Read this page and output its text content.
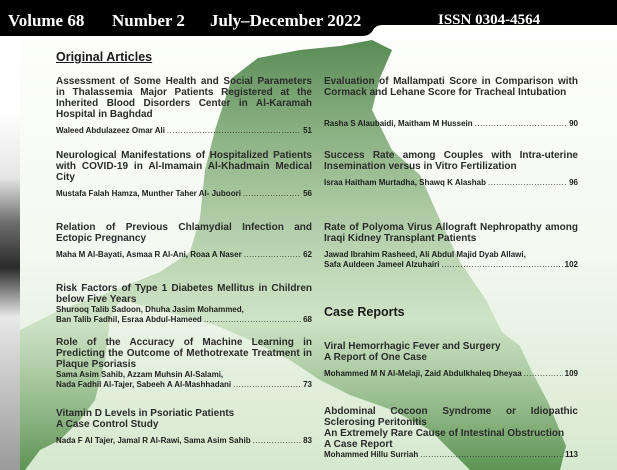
Volume 68 Number 2 July–December 2022	ISSN 0304-4564
Original Articles
Assessment of Some Health and Social Parameters in Thalassemia Major Patients Registered at the Inherited Blood Disorders Center in Al-Karamah Hospital in Baghdad
Waleed Abdulazeez Omar Ali .....	51
Neurological Manifestations of Hospitalized Patients with COVID-19 in Al-Imamain Al-Khadmain Medical City
Mustafa Falah Hamza, Munther Taher Al- Juboori .....	56
Relation of Previous Chlamydial Infection and Ectopic Pregnancy
Maha M Al-Bayati, Asmaa R Al-Ani, Roaa A Naser .....	62
Risk Factors of Type 1 Diabetes Mellitus in Children below Five Years
Shurooq Talib Sadoon, Dhuha Jasim Mohammed,
Ban Talib Fadhil, Esraa Abdul-Hameed .....	68
Role of the Accuracy of Machine Learning in Predicting the Outcome of Methotrexate Treatment in Plaque Psoriasis
Sama Asim Sahib, Azzam Muhsin Al-Salami,
Nada Fadhil Al-Tajer, Sabeeh A Al-Mashhadani .....	73
Vitamin D Levels in Psoriatic Patients
A Case Control Study
Nada F Al Tajer, Jamal R Al-Rawi, Sama Asim Sahib .....	83
Evaluation of Mallampati Score in Comparison with Cormack and Lehane Score for Tracheal Intubation
Rasha S Alaubaidi, Maitham M Hussein .....	90
Success Rate among Couples with Intra-uterine Insemination versus in Vitro Fertilization
Israa Haitham Murtadha, Shawq K Alashab .....	96
Rate of Polyoma Virus Allograft Nephropathy among Iraqi Kidney Transplant Patients
Jawad Ibrahim Rasheed, Ali Abdul Majid Dyab Allawi,
Safa Auldeen Jameel Alzuhairi .....	102
Case Reports
Viral Hemorrhagic Fever and Surgery
A Report of One Case
Mohammed M N Al-Melaji, Zaid Abdulkhaleq Dheyaa .....	109
Abdominal Cocoon Syndrome or Idiopathic Sclerosing Peritonitis
An Extremely Rare Cause of Intestinal Obstruction
A Case Report
Mohammed Hillu Surriah .....	113
